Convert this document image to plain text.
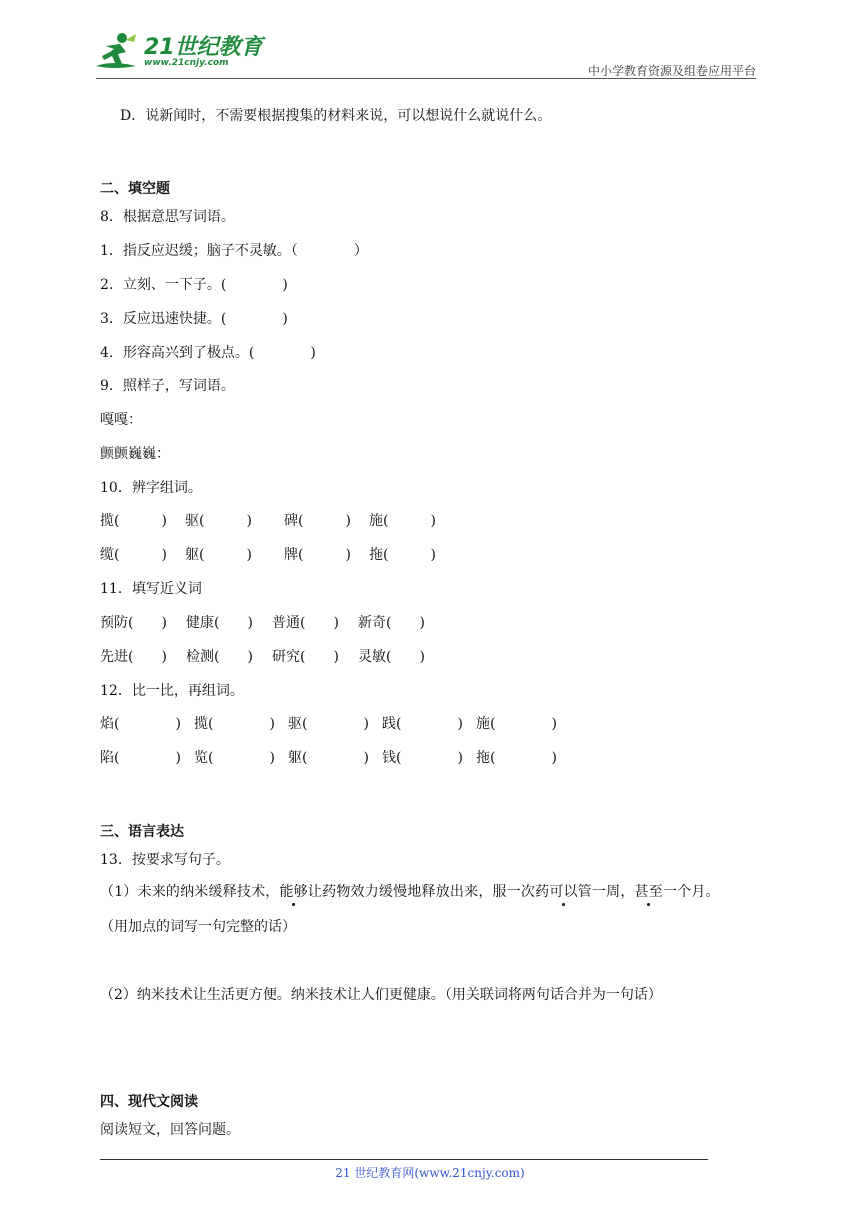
21世纪教育
www.21cnjy.com
中小学教育资源及组卷应用平台
D．说新闻时，不需要根据搜集的材料来说，可以想说什么就说什么。
二、填空题
8．根据意思写词语。
1．指反应迟缓；脑子不灵敏。（　　　　）
2．立刻、一下子。(　　　　)
3．反应迅速快捷。(　　　　)
4．形容高兴到了极点。(　　　　)
9．照样子，写词语。
嘎嘎：
颤颤巍巍：
10．辨字组词。
揽(　　　) 驱(　　　) 碑(　　　) 施(　　　)
缆(　　　) 躯(　　　) 牌(　　　) 拖(　　　)
11．填写近义词
预防(　　) 健康(　　) 普通(　　) 新奇(　　)
先进(　　) 检测(　　) 研究(　　) 灵敏(　　)
12．比一比，再组词。
焰(　　　　) 揽(　　　　) 驱(　　　　) 践(　　　　) 施(　　　　)
陷(　　　　) 览(　　　　) 躯(　　　　) 钱(　　　　) 拖(　　　　)
三、语言表达
13．按要求写句子。
（1）未来的纳米缓释技术，能够让药物效力缓慢地释放出来，服一次药可以管一周，甚至一个月。
（用加点的词写一句完整的话）
（2）纳米技术让生活更方便。纳米技术让人们更健康。（用关联词将两句话合并为一句话）
四、现代文阅读
阅读短文，回答问题。
21 世纪教育网(www.21cnjy.com)
